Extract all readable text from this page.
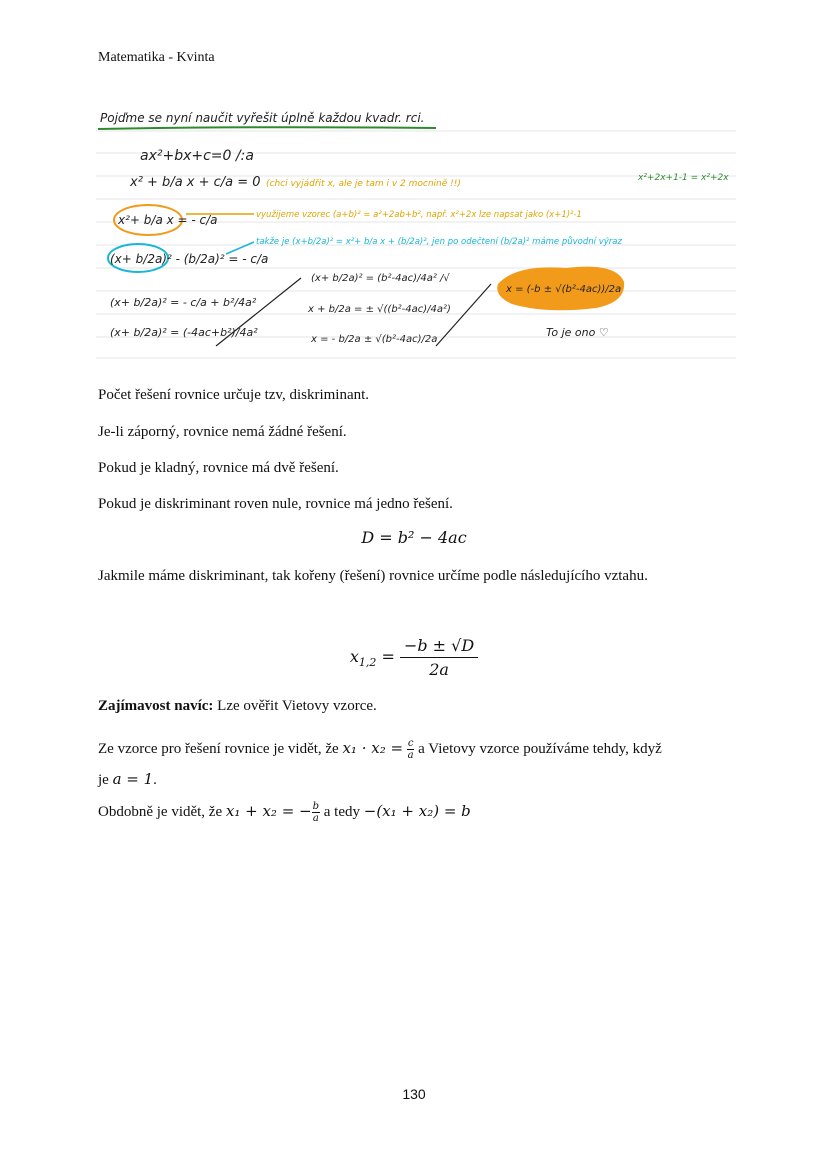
Matematika - Kvinta
Pojďme se nyní naučit vyřešit úplně každou kvadr. rci.
ax²+bx+c=0 /:a
x² + b/a x + c/a = 0 (chci vyjádřit x, ale je tam i v 2 mocnině !!)
x²+2x+1-1 = x²+2x
x²+ b/a x = - c/a	využijeme vzorec (a+b)² = a²+2ab+b², např. x²+2x lze napsat jako (x+1)²-1
(x+ b/2a)² - (b/2a)² = - c/a
takže je (x+b/2a)² = x²+ b/a x + (b/2a)², jen po odečtení (b/2a)² máme původní výraz
(x+ b/2a)² = - c/a + b²/4a²
(x+ b/2a)² = (-4ac+b²)/4a²
(x+ b/2a)² = (b²-4ac)/4a² /√
x + b/2a = ± √((b²-4ac)/4a²)
x = - b/2a ± √(b²-4ac)/2a
x = (-b ± √(b²-4ac))/2a
To je ono ♡
Počet řešení rovnice určuje tzv, diskriminant.
Je-li záporný, rovnice nemá žádné řešení.
Pokud je kladný, rovnice má dvě řešení.
Pokud je diskriminant roven nule, rovnice má jedno řešení.
D = b² − 4ac
Jakmile máme diskriminant, tak kořeny (řešení) rovnice určíme podle následujícího vztahu.
$x_{1,2} = \frac{-b \pm √D}{2a}$
Zajímavost navíc: Lze ověřit Vietovy vzorce.
Ze vzorce pro řešení rovnice je vidět, že $x_1 \cdot x_2 = \frac{c}{a}$ a Vietovy vzorce používáme tehdy, když
je a = 1.
Obdobně je vidět, že x₁ + x₂ = − $\frac{b}{a}$ a tedy −(x₁ + x₂) = b
130
